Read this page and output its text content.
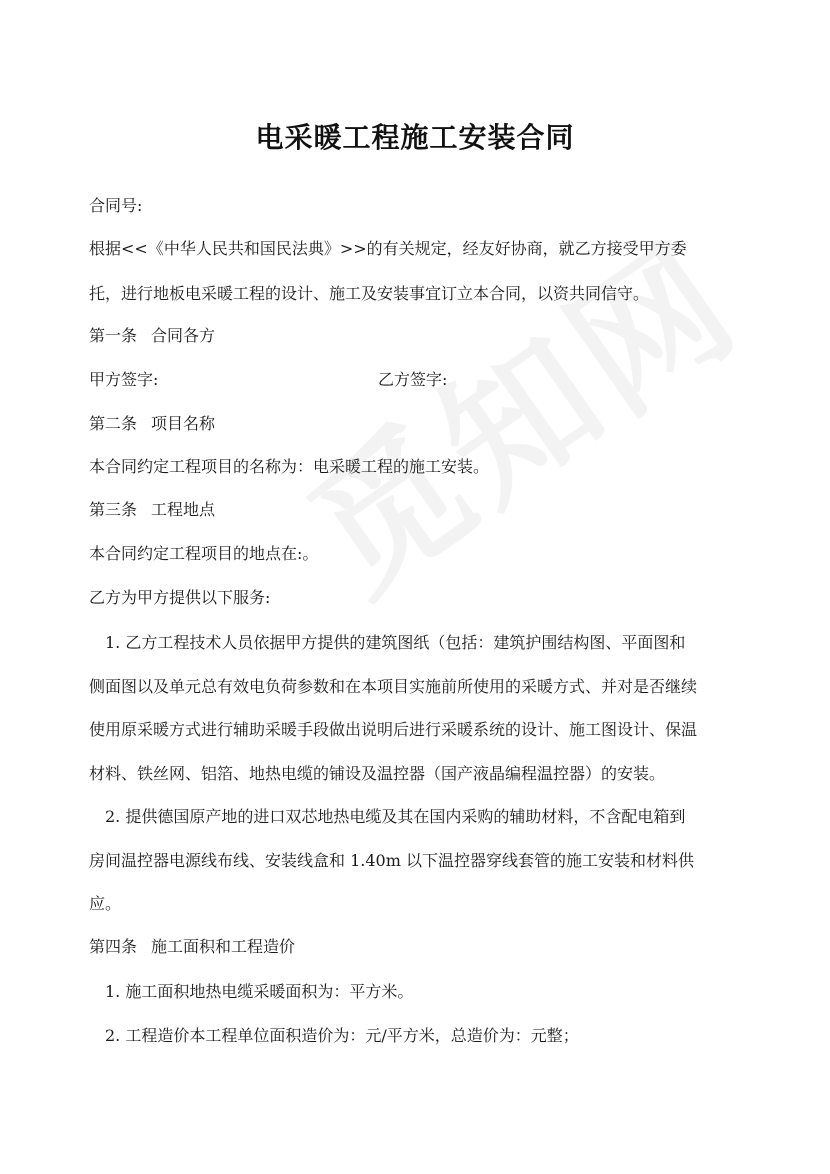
电采暖工程施工安装合同
合同号:
根据<<《中华人民共和国民法典》>>的有关规定，经友好协商，就乙方接受甲方委
托，进行地板电采暖工程的设计、施工及安装事宜订立本合同，以资共同信守。
第一条 合同各方
甲方签字:	乙方签字:
第二条 项目名称
本合同约定工程项目的名称为：电采暖工程的施工安装。
第三条 工程地点
本合同约定工程项目的地点在:。
乙方为甲方提供以下服务:
1. 乙方工程技术人员依据甲方提供的建筑图纸（包括：建筑护围结构图、平面图和
侧面图以及单元总有效电负荷参数和在本项目实施前所使用的采暖方式、并对是否继续
使用原采暖方式进行辅助采暖手段做出说明后进行采暖系统的设计、施工图设计、保温
材料、铁丝网、铝箔、地热电缆的铺设及温控器（国产液晶编程温控器）的安装。
2. 提供德国原产地的进口双芯地热电缆及其在国内采购的辅助材料，不含配电箱到
房间温控器电源线布线、安装线盒和 1.40m 以下温控器穿线套管的施工安装和材料供
应。
第四条 施工面积和工程造价
1. 施工面积地热电缆采暖面积为：平方米。
2. 工程造价本工程单位面积造价为：元/平方米，总造价为：元整；
